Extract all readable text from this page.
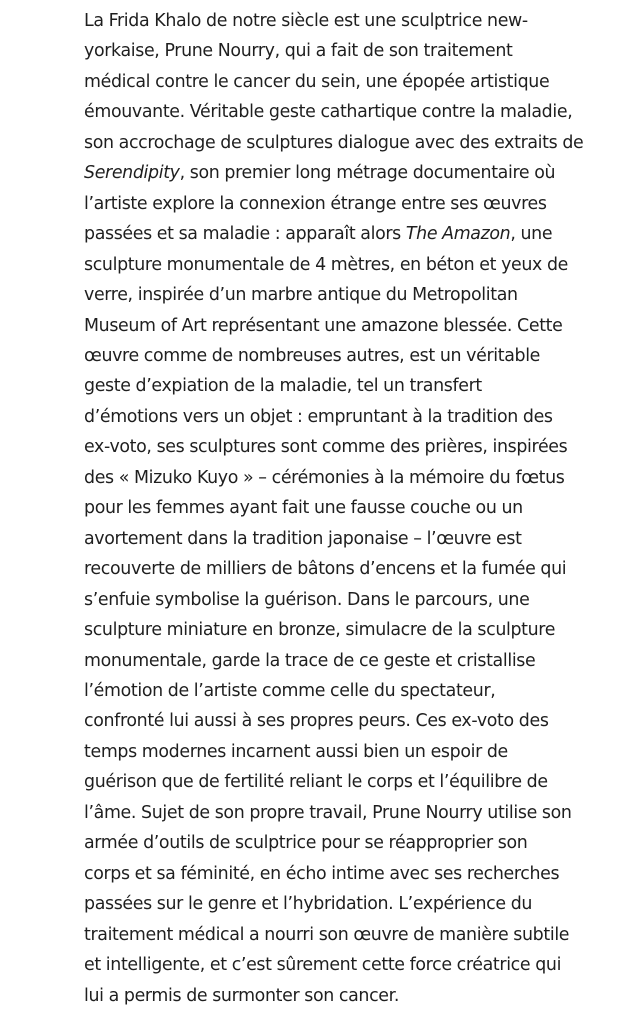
La Frida Khalo de notre siècle est une sculptrice new-
yorkaise, Prune Nourry, qui a fait de son traitement
médical contre le cancer du sein, une épopée artistique
émouvante. Véritable geste cathartique contre la maladie,
son accrochage de sculptures dialogue avec des extraits de
Serendipity, son premier long métrage documentaire où
l’artiste explore la connexion étrange entre ses œuvres
passées et sa maladie : apparaît alors The Amazon, une
sculpture monumentale de 4 mètres, en béton et yeux de
verre, inspirée d’un marbre antique du Metropolitan
Museum of Art représentant une amazone blessée. Cette
œuvre comme de nombreuses autres, est un véritable
geste d’expiation de la maladie, tel un transfert
d’émotions vers un objet : empruntant à la tradition des
ex-voto, ses sculptures sont comme des prières, inspirées
des « Mizuko Kuyo » – cérémonies à la mémoire du fœtus
pour les femmes ayant fait une fausse couche ou un
avortement dans la tradition japonaise – l’œuvre est
recouverte de milliers de bâtons d’encens et la fumée qui
s’enfuie symbolise la guérison. Dans le parcours, une
sculpture miniature en bronze, simulacre de la sculpture
monumentale, garde la trace de ce geste et cristallise
l’émotion de l’artiste comme celle du spectateur,
confronté lui aussi à ses propres peurs. Ces ex-voto des
temps modernes incarnent aussi bien un espoir de
guérison que de fertilité reliant le corps et l’équilibre de
l’âme. Sujet de son propre travail, Prune Nourry utilise son
armée d’outils de sculptrice pour se réapproprier son
corps et sa féminité, en écho intime avec ses recherches
passées sur le genre et l’hybridation. L’expérience du
traitement médical a nourri son œuvre de manière subtile
et intelligente, et c’est sûrement cette force créatrice qui
lui a permis de surmonter son cancer.
